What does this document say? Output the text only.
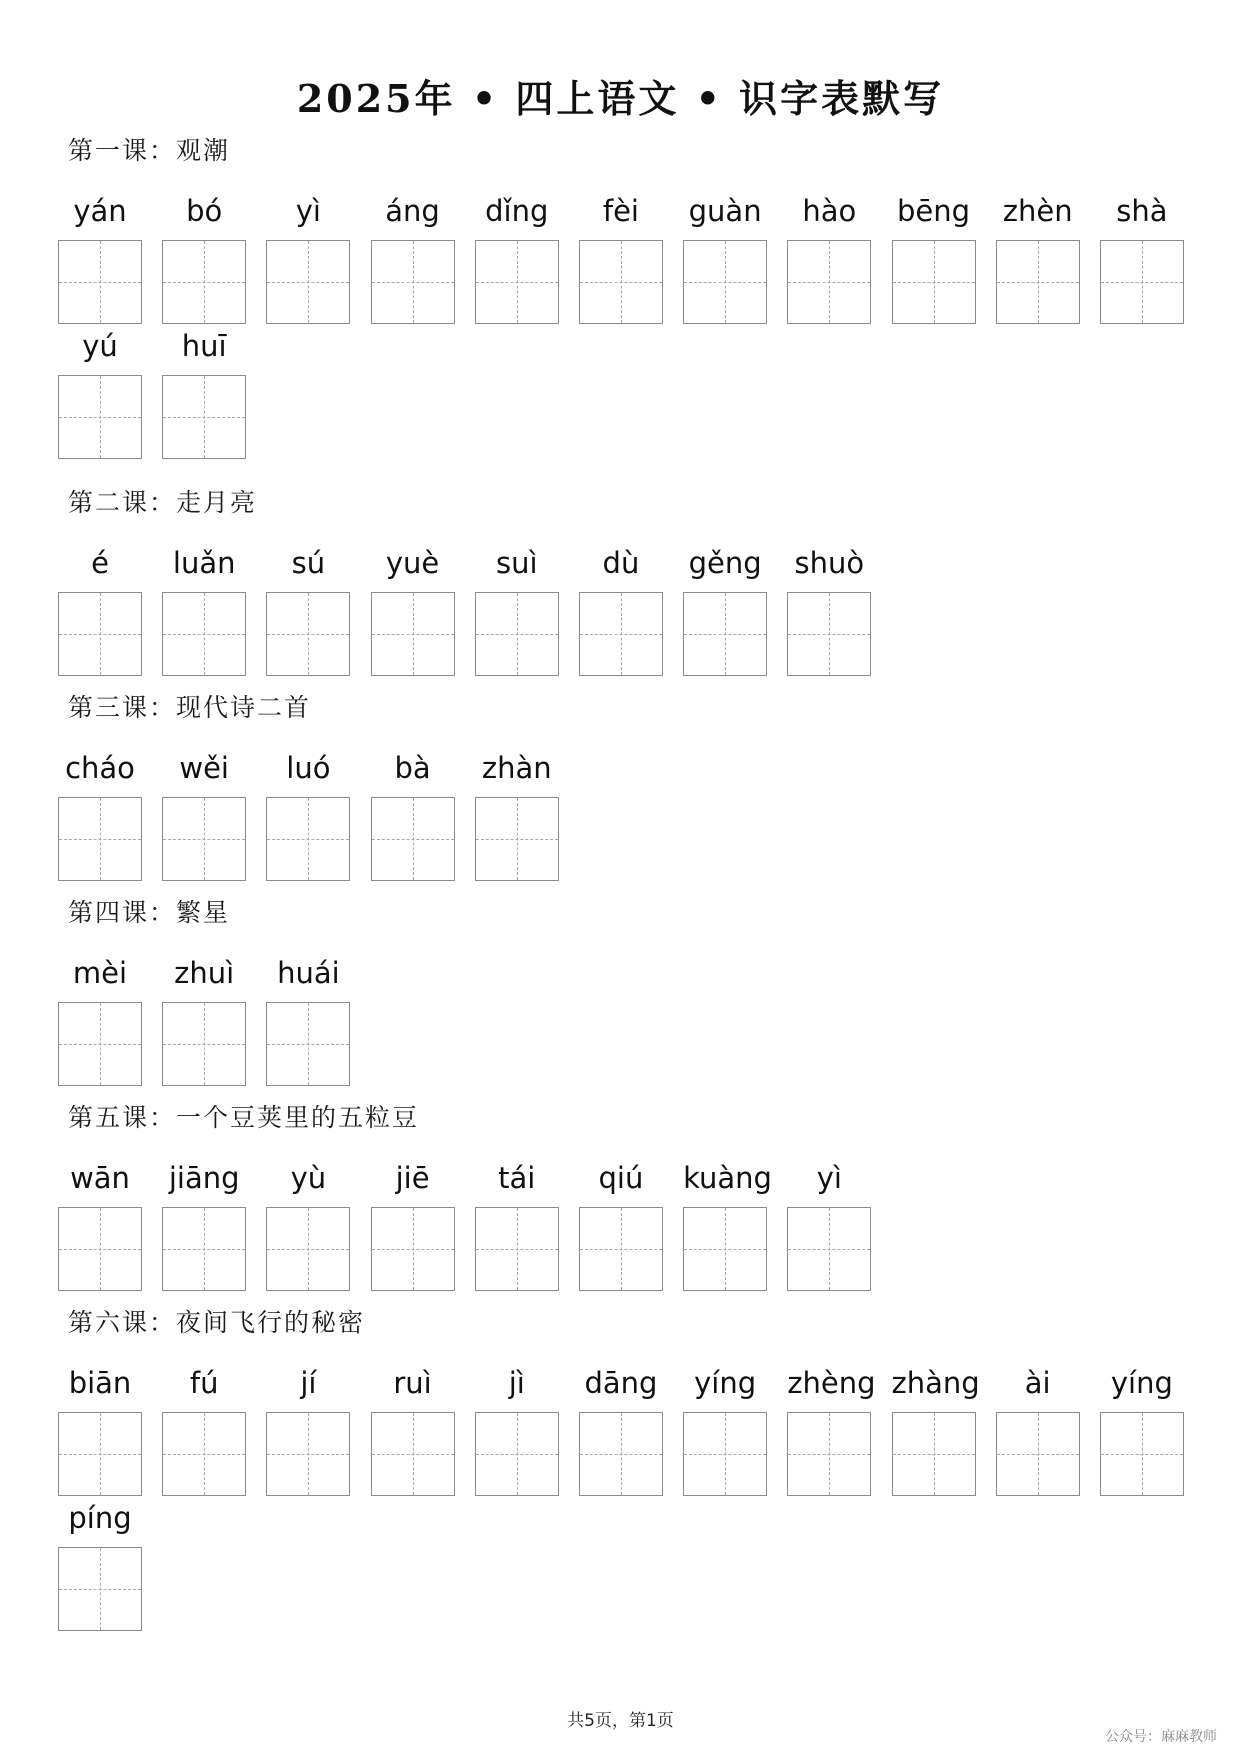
2025年 • 四上语文 • 识字表默写
第一课：观潮
yán	bó	yì	áng	dǐng	fèi	guàn	hào	bēng zhèn	shà
yú	huī
第二课：走月亮
é	luǎn	sú	yuè	suì	dù	gěng shuò
第三课：现代诗二首
cháo	wěi	luó	bà	zhàn
第四课：繁星
mèi	zhuì	huái
第五课：一个豆荚里的五粒豆
wān	jiāng	yù	jiē	tái	qiú	kuàng	yì
第六课：夜间飞行的秘密
biān	fú	jí	ruì	jì	dāng	yíng	zhèng zhàng	ài	yíng
píng
共5页，第1页
公众号：麻麻教师
